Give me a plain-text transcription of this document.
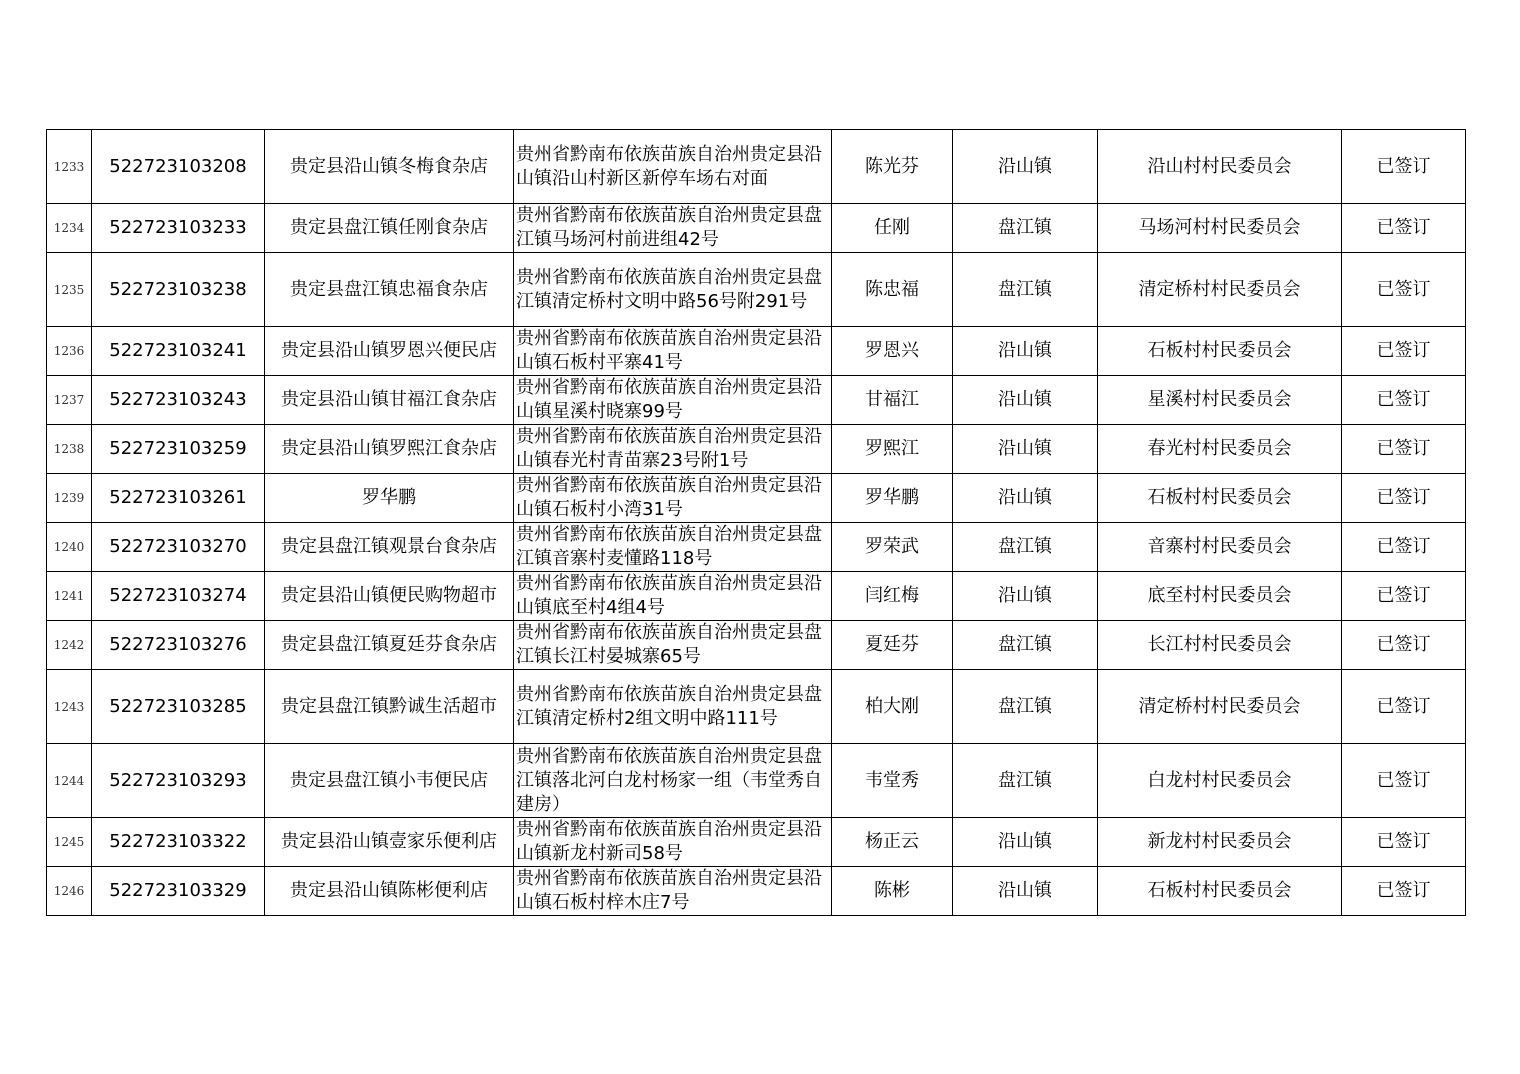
1233	522723103208	贵定县沿山镇冬梅食杂店	贵州省黔南布依族苗族自治州贵定县沿山镇沿山村新区新停车场右对面	陈光芬	沿山镇	沿山村村民委员会	已签订
1234	522723103233	贵定县盘江镇任刚食杂店	贵州省黔南布依族苗族自治州贵定县盘江镇马场河村前进组42号	任刚	盘江镇	马场河村村民委员会	已签订
1235	522723103238	贵定县盘江镇忠福食杂店	贵州省黔南布依族苗族自治州贵定县盘江镇清定桥村文明中路56号附291号	陈忠福	盘江镇	清定桥村村民委员会	已签订
1236	522723103241	贵定县沿山镇罗恩兴便民店	贵州省黔南布依族苗族自治州贵定县沿山镇石板村平寨41号	罗恩兴	沿山镇	石板村村民委员会	已签订
1237	522723103243	贵定县沿山镇甘福江食杂店	贵州省黔南布依族苗族自治州贵定县沿山镇星溪村晓寨99号	甘福江	沿山镇	星溪村村民委员会	已签订
1238	522723103259	贵定县沿山镇罗熙江食杂店	贵州省黔南布依族苗族自治州贵定县沿山镇春光村青苗寨23号附1号	罗熙江	沿山镇	春光村村民委员会	已签订
1239	522723103261	罗华鹏	贵州省黔南布依族苗族自治州贵定县沿山镇石板村小湾31号	罗华鹏	沿山镇	石板村村民委员会	已签订
1240	522723103270	贵定县盘江镇观景台食杂店	贵州省黔南布依族苗族自治州贵定县盘江镇音寨村麦懂路118号	罗荣武	盘江镇	音寨村村民委员会	已签订
1241	522723103274	贵定县沿山镇便民购物超市	贵州省黔南布依族苗族自治州贵定县沿山镇底至村4组4号	闫红梅	沿山镇	底至村村民委员会	已签订
1242	522723103276	贵定县盘江镇夏廷芬食杂店	贵州省黔南布依族苗族自治州贵定县盘江镇长江村晏城寨65号	夏廷芬	盘江镇	长江村村民委员会	已签订
1243	522723103285	贵定县盘江镇黔诚生活超市	贵州省黔南布依族苗族自治州贵定县盘江镇清定桥村2组文明中路111号	柏大刚	盘江镇	清定桥村村民委员会	已签订
1244	522723103293	贵定县盘江镇小韦便民店	贵州省黔南布依族苗族自治州贵定县盘江镇落北河白龙村杨家一组（韦堂秀自建房）	韦堂秀	盘江镇	白龙村村民委员会	已签订
1245	522723103322	贵定县沿山镇壹家乐便利店	贵州省黔南布依族苗族自治州贵定县沿山镇新龙村新司58号	杨正云	沿山镇	新龙村村民委员会	已签订
1246	522723103329	贵定县沿山镇陈彬便利店	贵州省黔南布依族苗族自治州贵定县沿山镇石板村梓木庄7号	陈彬	沿山镇	石板村村民委员会	已签订
